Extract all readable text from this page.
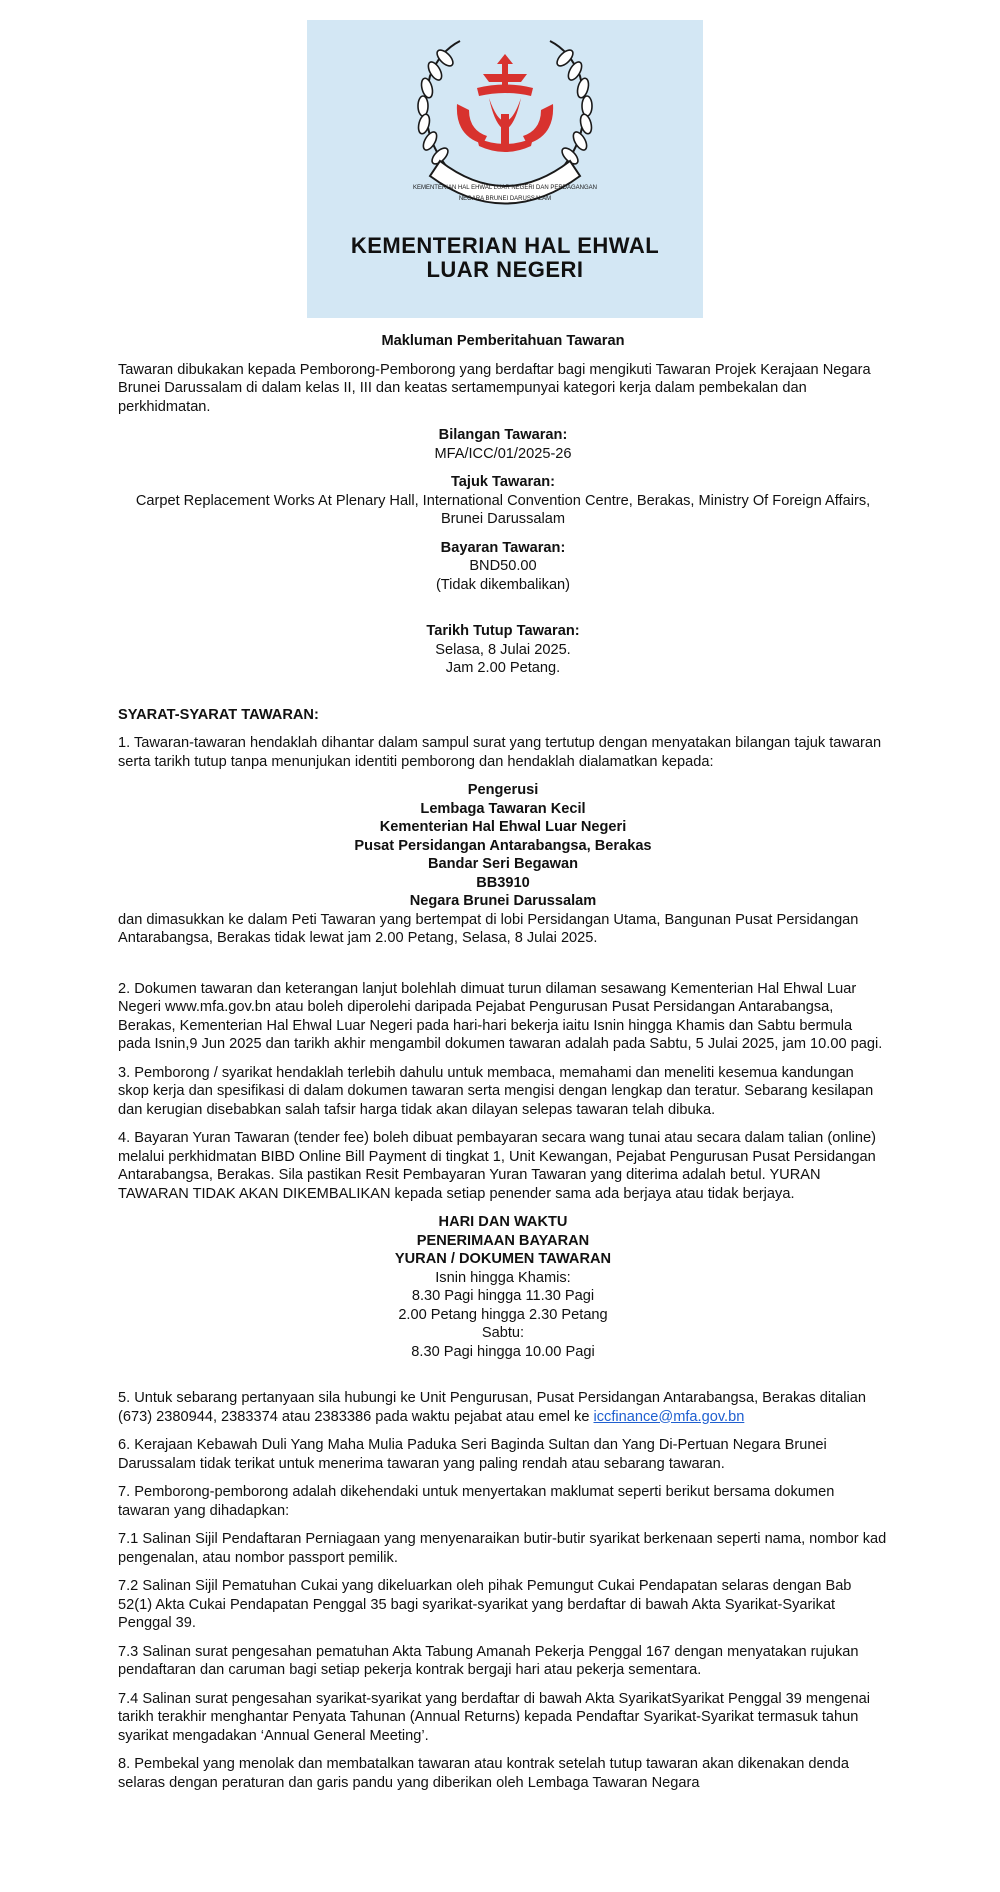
KEMENTERIAN HAL EHWAL LUAR NEGERI DAN PERDAGANGAN
NEGARA BRUNEI DARUSSALAM
KEMENTERIAN HAL EHWAL
LUAR NEGERI

Makluman Pemberitahuan Tawaran

Tawaran dibukakan kepada Pemborong-Pemborong yang berdaftar bagi mengikuti Tawaran Projek Kerajaan Negara Brunei Darussalam di dalam kelas II, III dan keatas sertamempunyai kategori kerja dalam pembekalan dan perkhidmatan.

Bilangan Tawaran:
MFA/ICC/01/2025-26
Tajuk Tawaran:
Carpet Replacement Works At Plenary Hall, International Convention Centre, Berakas, Ministry Of Foreign Affairs, Brunei Darussalam
Bayaran Tawaran:
BND50.00
(Tidak dikembalikan)
Tarikh Tutup Tawaran:
Selasa, 8 Julai 2025.
Jam 2.00 Petang.

SYARAT-SYARAT TAWARAN:

1. Tawaran-tawaran hendaklah dihantar dalam sampul surat yang tertutup dengan menyatakan bilangan tajuk tawaran serta tarikh tutup tanpa menunjukan identiti pemborong dan hendaklah dialamatkan kepada:

Pengerusi
Lembaga Tawaran Kecil
Kementerian Hal Ehwal Luar Negeri
Pusat Persidangan Antarabangsa, Berakas
Bandar Seri Begawan
BB3910
Negara Brunei Darussalam

dan dimasukkan ke dalam Peti Tawaran yang bertempat di lobi Persidangan Utama, Bangunan Pusat Persidangan Antarabangsa, Berakas tidak lewat jam 2.00 Petang, Selasa, 8 Julai 2025.

2. Dokumen tawaran dan keterangan lanjut bolehlah dimuat turun dilaman sesawang Kementerian Hal Ehwal Luar Negeri www.mfa.gov.bn atau boleh diperolehi daripada Pejabat Pengurusan Pusat Persidangan Antarabangsa, Berakas, Kementerian Hal Ehwal Luar Negeri pada hari-hari bekerja iaitu Isnin hingga Khamis dan Sabtu bermula pada Isnin,9 Jun 2025 dan tarikh akhir mengambil dokumen tawaran adalah pada Sabtu, 5 Julai 2025, jam 10.00 pagi.

3. Pemborong / syarikat hendaklah terlebih dahulu untuk membaca, memahami dan meneliti kesemua kandungan skop kerja dan spesifikasi di dalam dokumen tawaran serta mengisi dengan lengkap dan teratur. Sebarang kesilapan dan kerugian disebabkan salah tafsir harga tidak akan dilayan selepas tawaran telah dibuka.

4. Bayaran Yuran Tawaran (tender fee) boleh dibuat pembayaran secara wang tunai atau secara dalam talian (online) melalui perkhidmatan BIBD Online Bill Payment di tingkat 1, Unit Kewangan, Pejabat Pengurusan Pusat Persidangan Antarabangsa, Berakas. Sila pastikan Resit Pembayaran Yuran Tawaran yang diterima adalah betul. YURAN TAWARAN TIDAK AKAN DIKEMBALIKAN kepada setiap penender sama ada berjaya atau tidak berjaya.

HARI DAN WAKTU
PENERIMAAN BAYARAN
YURAN / DOKUMEN TAWARAN
Isnin hingga Khamis:
8.30 Pagi hingga 11.30 Pagi
2.00 Petang hingga 2.30 Petang
Sabtu:
8.30 Pagi hingga 10.00 Pagi

5. Untuk sebarang pertanyaan sila hubungi ke Unit Pengurusan, Pusat Persidangan Antarabangsa, Berakas ditalian (673) 2380944, 2383374 atau 2383386 pada waktu pejabat atau emel ke iccfinance@mfa.gov.bn

6. Kerajaan Kebawah Duli Yang Maha Mulia Paduka Seri Baginda Sultan dan Yang Di-Pertuan Negara Brunei Darussalam tidak terikat untuk menerima tawaran yang paling rendah atau sebarang tawaran.

7. Pemborong-pemborong adalah dikehendaki untuk menyertakan maklumat seperti berikut bersama dokumen tawaran yang dihadapkan:

7.1 Salinan Sijil Pendaftaran Perniagaan yang menyenaraikan butir-butir syarikat berkenaan seperti nama, nombor kad pengenalan, atau nombor passport pemilik.

7.2 Salinan Sijil Pematuhan Cukai yang dikeluarkan oleh pihak Pemungut Cukai Pendapatan selaras dengan Bab 52(1) Akta Cukai Pendapatan Penggal 35 bagi syarikat-syarikat yang berdaftar di bawah Akta Syarikat-Syarikat Penggal 39.

7.3 Salinan surat pengesahan pematuhan Akta Tabung Amanah Pekerja Penggal 167 dengan menyatakan rujukan pendaftaran dan caruman bagi setiap pekerja kontrak bergaji hari atau pekerja sementara.

7.4 Salinan surat pengesahan syarikat-syarikat yang berdaftar di bawah Akta SyarikatSyarikat Penggal 39 mengenai tarikh terakhir menghantar Penyata Tahunan (Annual Returns) kepada Pendaftar Syarikat-Syarikat termasuk tahun syarikat mengadakan ‘Annual General Meeting’.

8. Pembekal yang menolak dan membatalkan tawaran atau kontrak setelah tutup tawaran akan dikenakan denda selaras dengan peraturan dan garis pandu yang diberikan oleh Lembaga Tawaran Negara
